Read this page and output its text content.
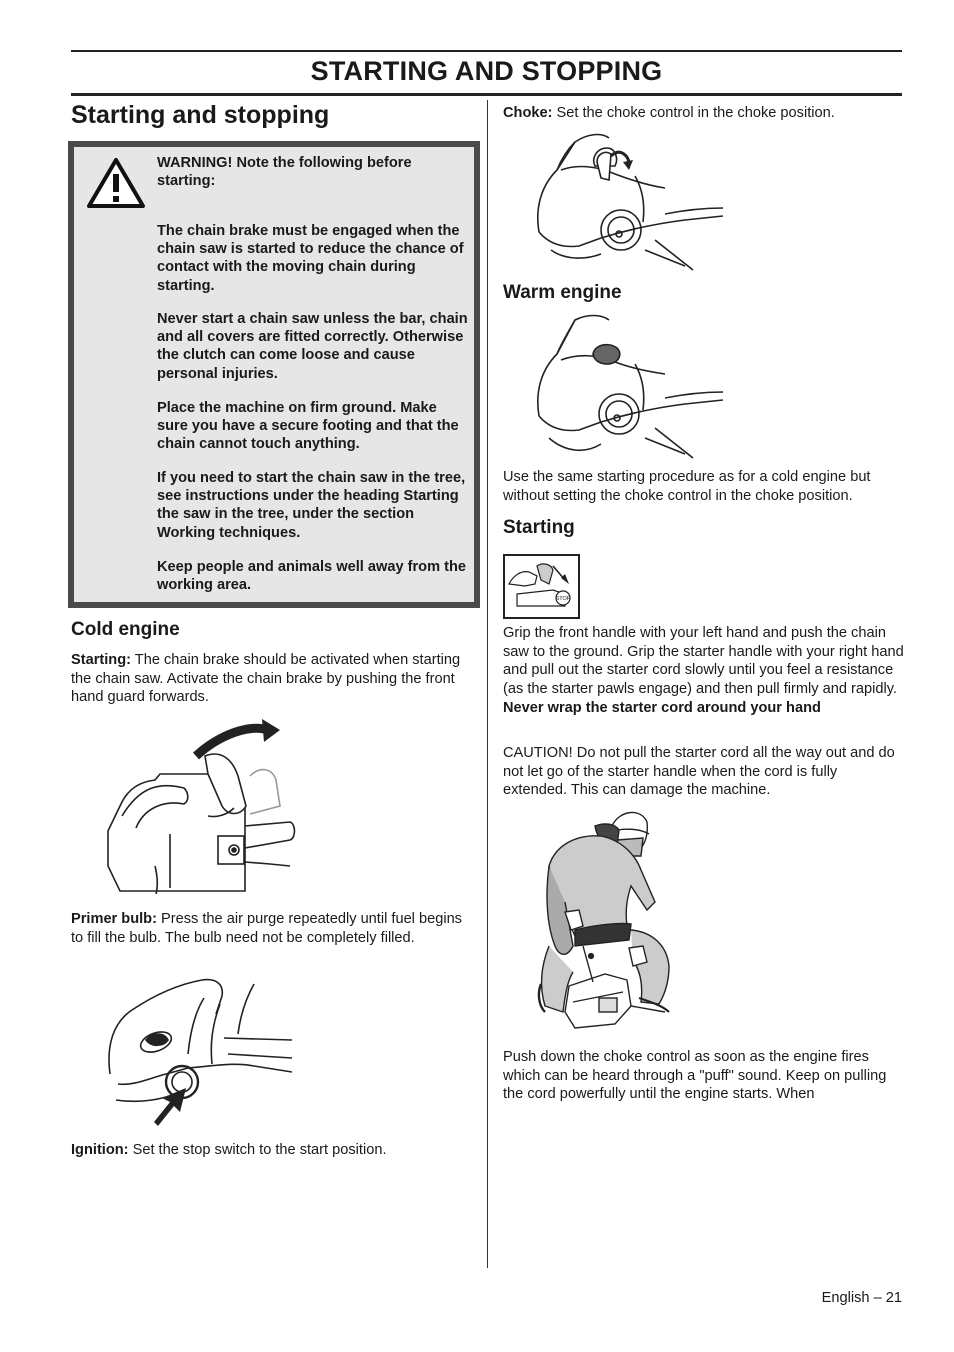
STARTING AND STOPPING
Starting and stopping

WARNING! Note the following before starting:

The chain brake must be engaged when the chain saw is started to reduce the chance of contact with the moving chain during starting.

Never start a chain saw unless the bar, chain and all covers are fitted correctly. Otherwise the clutch can come loose and cause personal injuries.

Place the machine on firm ground. Make sure you have a secure footing and that the chain cannot touch anything.

If you need to start the chain saw in the tree, see instructions under the heading Starting the saw in the tree, under the section Working techniques.

Keep people and animals well away from the working area.

Cold engine

Starting: The chain brake should be activated when starting the chain saw. Activate the chain brake by pushing the front hand guard forwards.

Primer bulb: Press the air purge repeatedly until fuel begins to fill the bulb. The bulb need not be completely filled.

Ignition: Set the stop switch to the start position.

Choke: Set the choke control in the choke position.

Warm engine

Use the same starting procedure as for a cold engine but without setting the choke control in the choke position.

Starting
STOP

Grip the front handle with your left hand and push the chain saw to the ground. Grip the starter handle with your right hand and pull out the starter cord slowly until you feel a resistance (as the starter pawls engage) and then pull firmly and rapidly. Never wrap the starter cord around your hand

CAUTION! Do not pull the starter cord all the way out and do not let go of the starter handle when the cord is fully extended. This can damage the machine.

Push down the choke control as soon as the engine fires which can be heard through a "puff" sound. Keep on pulling the cord powerfully until the engine starts. When

English – 21
